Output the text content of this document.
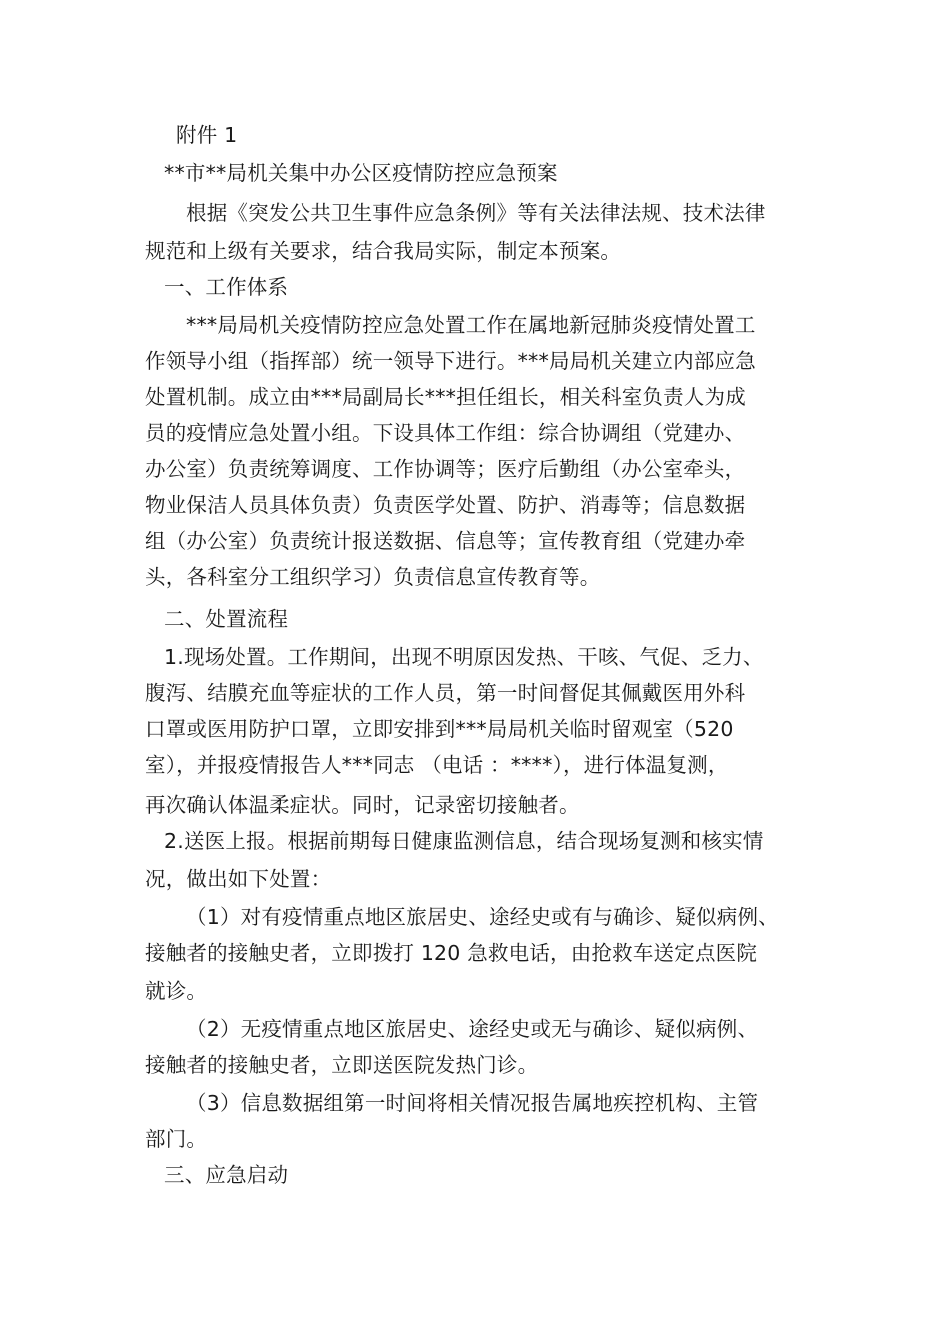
附件 1
**市**局机关集中办公区疫情防控应急预案
根据《突发公共卫生事件应急条例》等有关法律法规、技术法律
规范和上级有关要求，结合我局实际，制定本预案。
一、工作体系
***局局机关疫情防控应急处置工作在属地新冠肺炎疫情处置工
作领导小组（指挥部）统一领导下进行。***局局机关建立内部应急
处置机制。成立由***局副局长***担任组长，相关科室负责人为成
员的疫情应急处置小组。下设具体工作组：综合协调组（党建办、
办公室）负责统筹调度、工作协调等；医疗后勤组（办公室牵头，
物业保洁人员具体负责）负责医学处置、防护、消毒等；信息数据
组（办公室）负责统计报送数据、信息等；宣传教育组（党建办牵
头，各科室分工组织学习）负责信息宣传教育等。
二、处置流程
1.现场处置。工作期间，出现不明原因发热、干咳、气促、乏力、
腹泻、结膜充血等症状的工作人员，第一时间督促其佩戴医用外科
口罩或医用防护口罩，立即安排到***局局机关临时留观室（520
室），并报疫情报告人***同志 （电话 ：****），进行体温复测，
再次确认体温柔症状。同时，记录密切接触者。
2.送医上报。根据前期每日健康监测信息，结合现场复测和核实情
况，做出如下处置：
（1）对有疫情重点地区旅居史、途经史或有与确诊、疑似病例、
接触者的接触史者，立即拨打 120 急救电话，由抢救车送定点医院
就诊。
（2）无疫情重点地区旅居史、途经史或无与确诊、疑似病例、
接触者的接触史者，立即送医院发热门诊。
（3）信息数据组第一时间将相关情况报告属地疾控机构、主管
部门。
三、应急启动
